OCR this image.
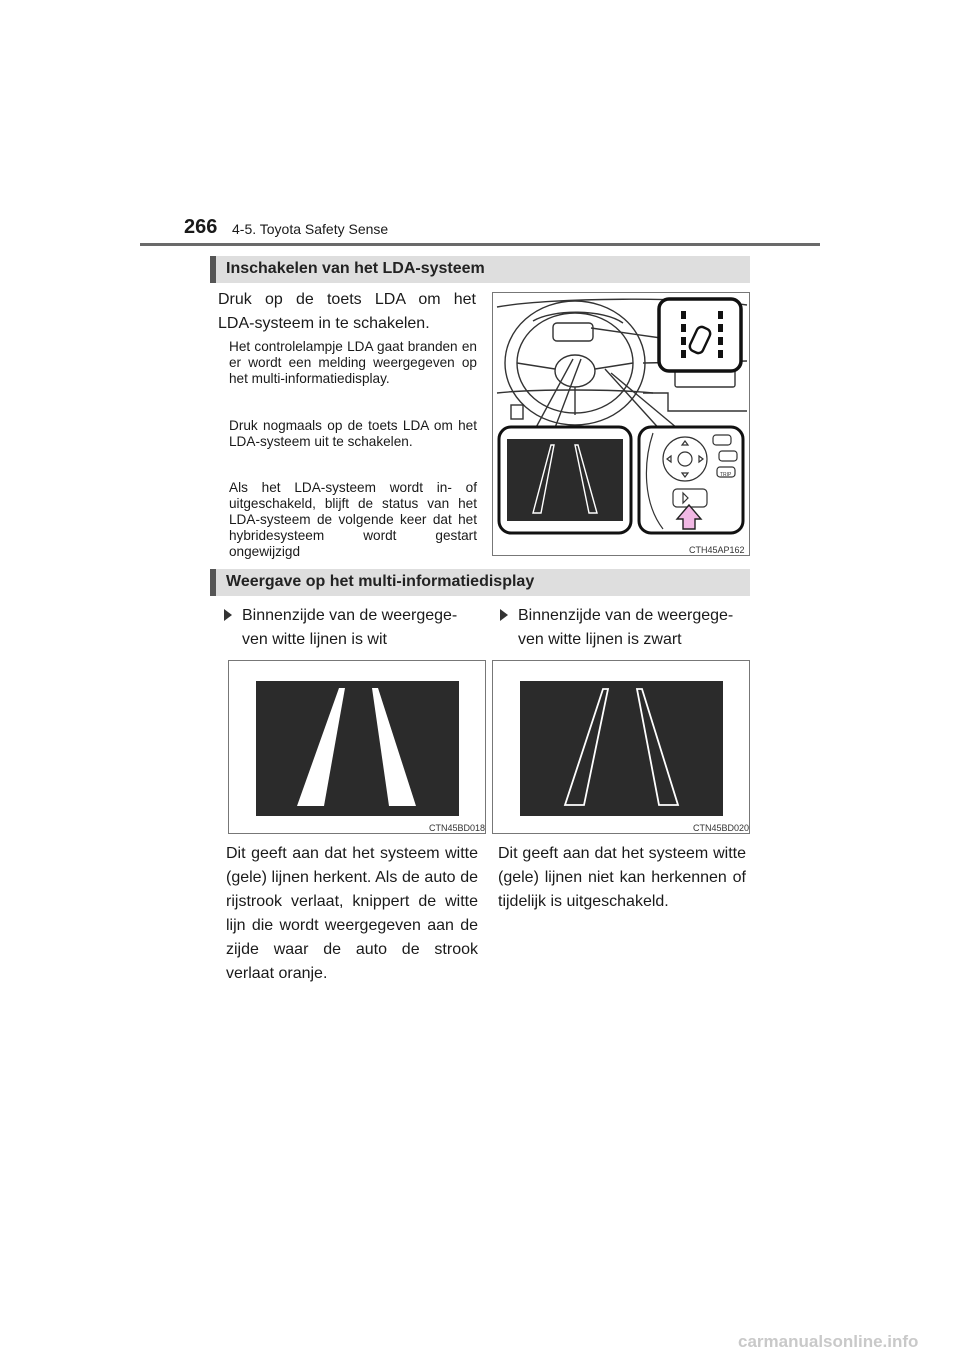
266 4-5. Toyota Safety Sense
Inschakelen van het LDA-systeem
Druk op de toets LDA om het
LDA-systeem in te schakelen.
Het controlelampje LDA gaat branden en er wordt een melding weergegeven op het multi-informatiedisplay.
Druk nogmaals op de toets LDA om het LDA-systeem uit te schakelen.
Als het LDA-systeem wordt in- of uitgeschakeld, blijft de status van het LDA-systeem de volgende keer dat het hybridesysteem wordt gestart ongewijzigd
TRIP
CTH45AP162
Weergave op het multi-informatiedisplay
Binnenzijde van de weergege-
ven witte lijnen is wit
Binnenzijde van de weergege-
ven witte lijnen is zwart
CTN45BD018	CTN45BD020
Dit geeft aan dat het systeem witte (gele) lijnen herkent. Als de auto de rijstrook verlaat, knippert de witte lijn die wordt weergegeven aan de zijde waar de auto de strook verlaat oranje.
Dit geeft aan dat het systeem witte (gele) lijnen niet kan herkennen of tijdelijk is uitgeschakeld.
carmanualsonline.info
